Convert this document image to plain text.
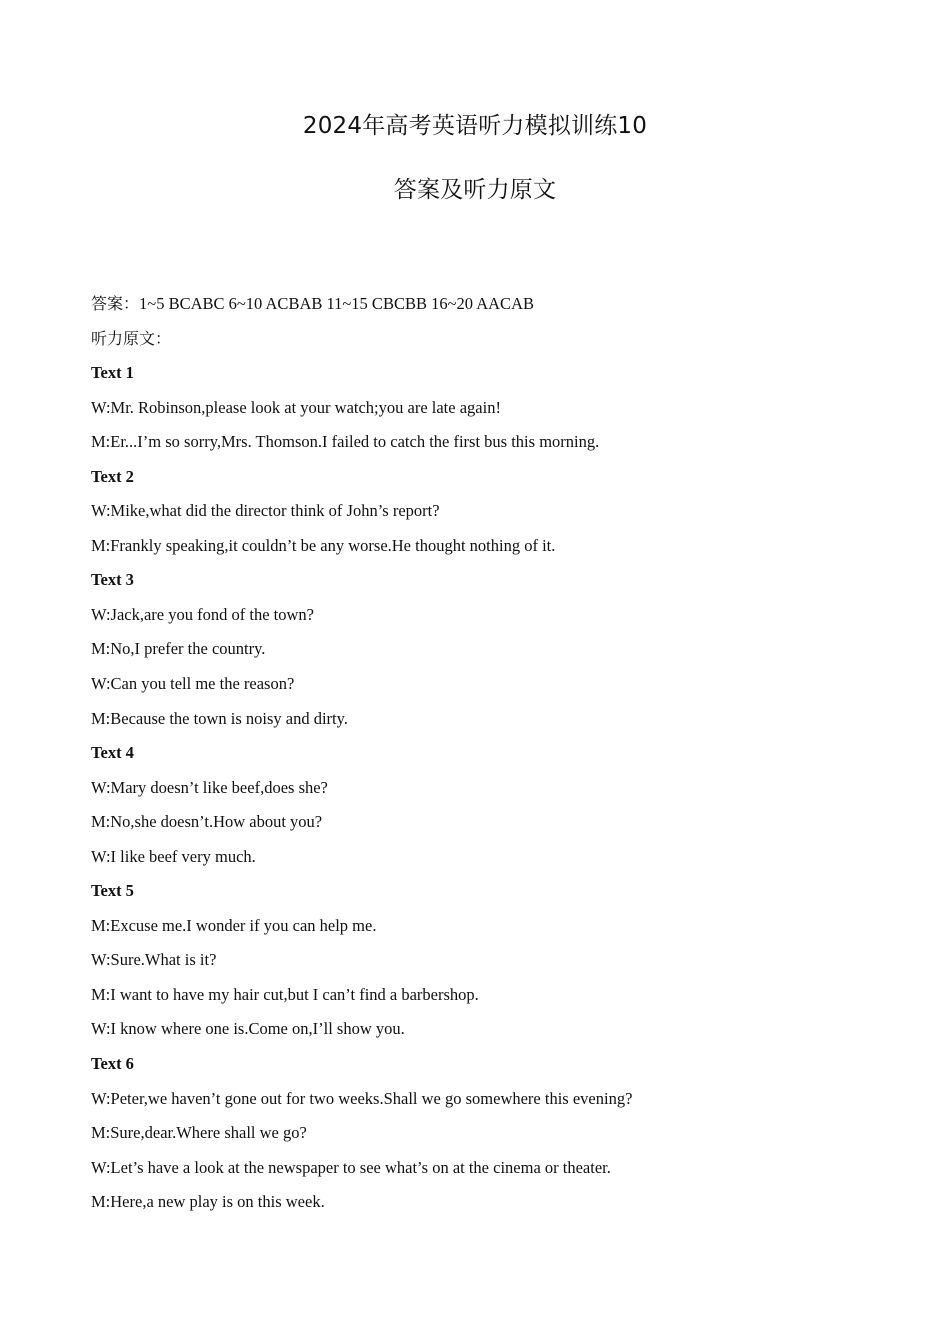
2024年高考英语听力模拟训练10
答案及听力原文
答案：1~5 BCABC 6~10 ACBAB 11~15 CBCBB 16~20 AACAB
听力原文：
Text 1
W:Mr. Robinson,please look at your watch;you are late again!
M:Er...I’m so sorry,Mrs. Thomson.I failed to catch the first bus this morning.
Text 2
W:Mike,what did the director think of John’s report?
M:Frankly speaking,it couldn’t be any worse.He thought nothing of it.
Text 3
W:Jack,are you fond of the town?
M:No,I prefer the country.
W:Can you tell me the reason?
M:Because the town is noisy and dirty.
Text 4
W:Mary doesn’t like beef,does she?
M:No,she doesn’t.How about you?
W:I like beef very much.
Text 5
M:Excuse me.I wonder if you can help me.
W:Sure.What is it?
M:I want to have my hair cut,but I can’t find a barbershop.
W:I know where one is.Come on,I’ll show you.
Text 6
W:Peter,we haven’t gone out for two weeks.Shall we go somewhere this evening?
M:Sure,dear.Where shall we go?
W:Let’s have a look at the newspaper to see what’s on at the cinema or theater.
M:Here,a new play is on this week.
